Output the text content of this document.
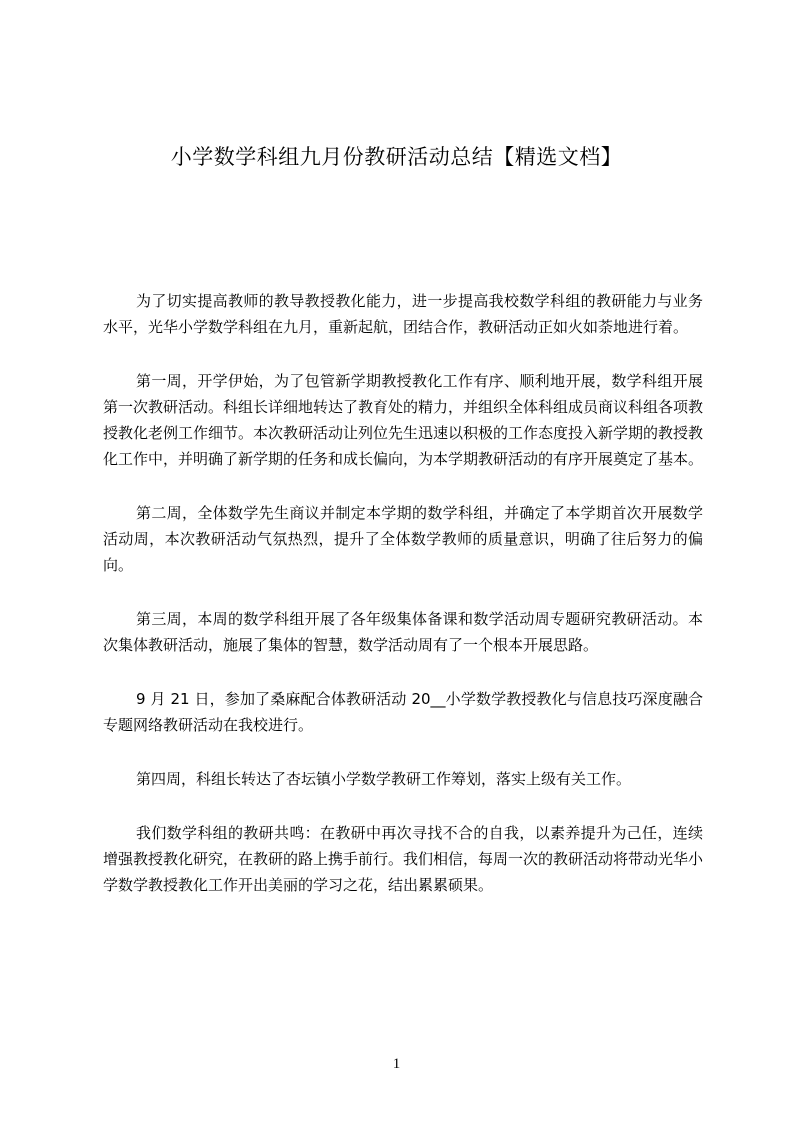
小学数学科组九月份教研活动总结【精选文档】

为了切实提高教师的教导教授教化能力，进一步提高我校数学科组的教研能力与业务水平，光华小学数学科组在九月，重新起航，团结合作，教研活动正如火如荼地进行着。

第一周，开学伊始，为了包管新学期教授教化工作有序、顺利地开展，数学科组开展第一次教研活动。科组长详细地转达了教育处的精力，并组织全体科组成员商议科组各项教授教化老例工作细节。本次教研活动让列位先生迅速以积极的工作态度投入新学期的教授教化工作中，并明确了新学期的任务和成长偏向，为本学期教研活动的有序开展奠定了基本。

第二周，全体数学先生商议并制定本学期的数学科组，并确定了本学期首次开展数学活动周，本次教研活动气氛热烈，提升了全体数学教师的质量意识，明确了往后努力的偏向。

第三周，本周的数学科组开展了各年级集体备课和数学活动周专题研究教研活动。本次集体教研活动，施展了集体的智慧，数学活动周有了一个根本开展思路。

9 月 21 日，参加了桑麻配合体教研活动 20__小学数学教授教化与信息技巧深度融合专题网络教研活动在我校进行。

第四周，科组长转达了杏坛镇小学数学教研工作筹划，落实上级有关工作。

我们数学科组的教研共鸣：在教研中再次寻找不合的自我，以素养提升为己任，连续增强教授教化研究，在教研的路上携手前行。我们相信，每周一次的教研活动将带动光华小学数学教授教化工作开出美丽的学习之花，结出累累硕果。

1
